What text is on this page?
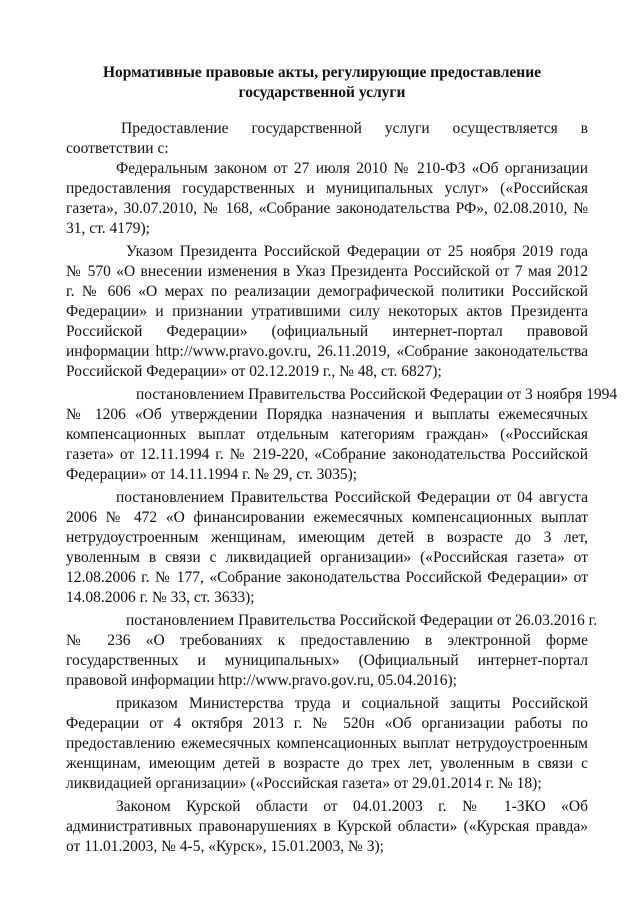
Нормативные правовые акты, регулирующие предоставление
государственной услуги
Предоставление государственной услуги осуществляется в
соответствии с:
Федеральным законом от 27 июля 2010 № 210-ФЗ «Об организации
предоставления государственных и муниципальных услуг» («Российская
газета», 30.07.2010, № 168, «Собрание законодательства РФ», 02.08.2010, №
31, ст. 4179);
Указом Президента Российской Федерации от 25 ноября 2019 года
№ 570 «О внесении изменения в Указ Президента Российской от 7 мая 2012
г. № 606 «О мерах по реализации демографической политики Российской
Федерации» и признании утратившими силу некоторых актов Президента
Российской Федерации» (официальный интернет-портал правовой
информации http://www.pravo.gov.ru, 26.11.2019, «Собрание законодательства
Российской Федерации» от 02.12.2019 г., № 48, ст. 6827);
постановлением Правительства Российской Федерации от 3 ноября 1994
№ 1206 «Об утверждении Порядка назначения и выплаты ежемесячных
компенсационных выплат отдельным категориям граждан» («Российская
газета» от 12.11.1994 г. № 219-220, «Собрание законодательства Российской
Федерации» от 14.11.1994 г. № 29, ст. 3035);
постановлением Правительства Российской Федерации от 04 августа
2006 № 472 «О финансировании ежемесячных компенсационных выплат
нетрудоустроенным женщинам, имеющим детей в возрасте до 3 лет,
уволенным в связи с ликвидацией организации» («Российская газета» от
12.08.2006 г. № 177, «Собрание законодательства Российской Федерации» от
14.08.2006 г. № 33, ст. 3633);
постановлением Правительства Российской Федерации от 26.03.2016 г.
№ 236 «О требованиях к предоставлению в электронной форме
государственных и муниципальных» (Официальный интернет-портал
правовой информации http://www.pravo.gov.ru, 05.04.2016);
приказом Министерства труда и социальной защиты Российской
Федерации от 4 октября 2013 г. № 520н «Об организации работы по
предоставлению ежемесячных компенсационных выплат нетрудоустроенным
женщинам, имеющим детей в возрасте до трех лет, уволенным в связи с
ликвидацией организации» («Российская газета» от 29.01.2014 г. № 18);
Законом Курской области от 04.01.2003 г. № 1-ЗКО «Об
административных правонарушениях в Курской области» («Курская правда»
от 11.01.2003, № 4-5, «Курск», 15.01.2003, № 3);
